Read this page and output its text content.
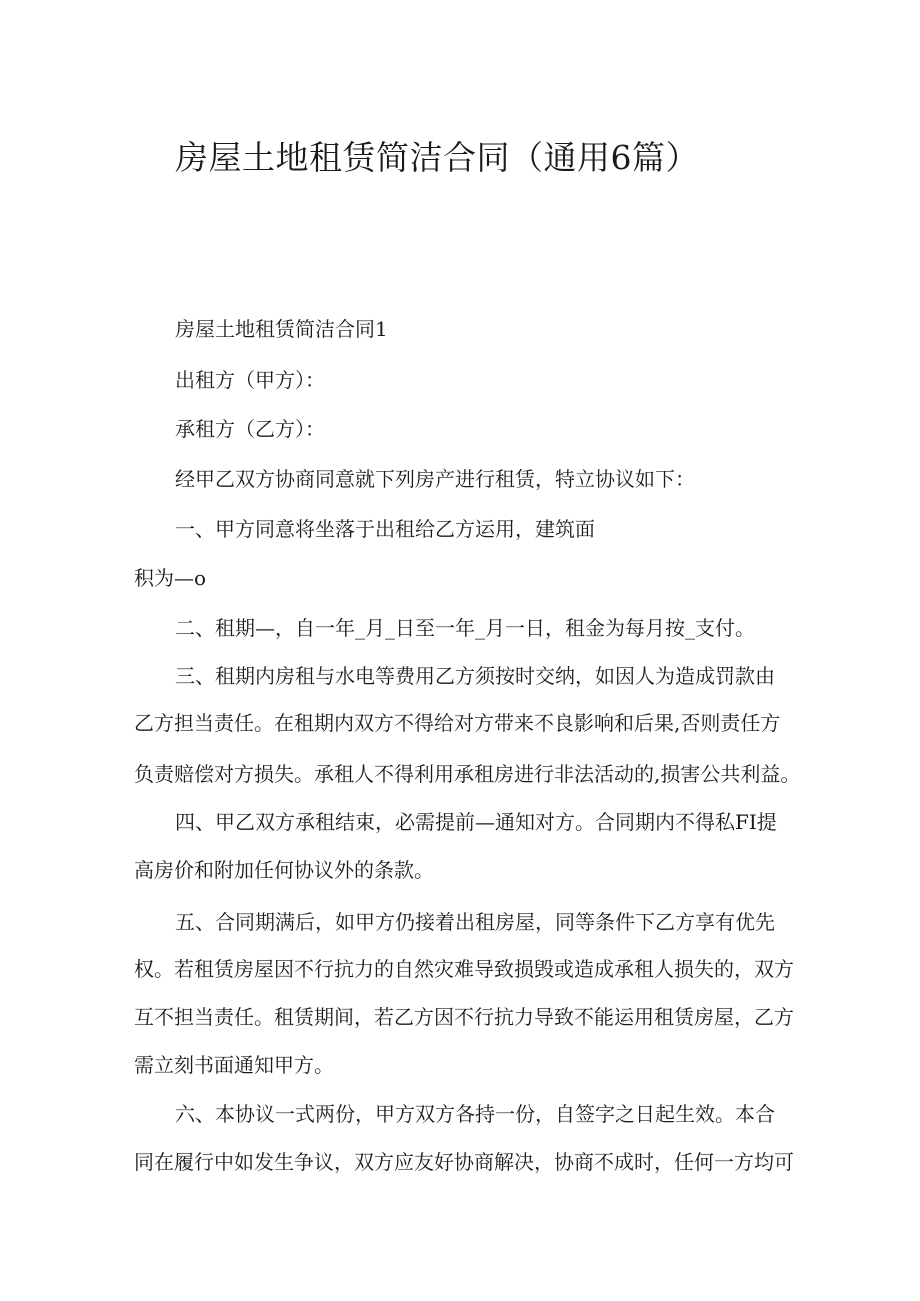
房屋土地租赁简洁合同（通用6篇）

房屋土地租赁简洁合同1

出租方（甲方）：

承租方（乙方）：

经甲乙双方协商同意就下列房产进行租赁，特立协议如下：

一、甲方同意将坐落于出租给乙方运用，建筑面

积为—o

二、租期—，自一年_月_日至一年_月一日，租金为每月按_支付。

三、租期内房租与水电等费用乙方须按时交纳，如因人为造成罚款由

乙方担当责任。在租期内双方不得给对方带来不良影响和后果,否则责任方

负责赔偿对方损失。承租人不得利用承租房进行非法活动的,损害公共利益。

四、甲乙双方承租结束，必需提前—通知对方。合同期内不得私FI提

高房价和附加任何协议外的条款。

五、合同期满后，如甲方仍接着出租房屋，同等条件下乙方享有优先

权。若租赁房屋因不行抗力的自然灾难导致损毁或造成承租人损失的，双方

互不担当责任。租赁期间，若乙方因不行抗力导致不能运用租赁房屋，乙方

需立刻书面通知甲方。

六、本协议一式两份，甲方双方各持一份，自签字之日起生效。本合

同在履行中如发生争议，双方应友好协商解决，协商不成时，任何一方均可
